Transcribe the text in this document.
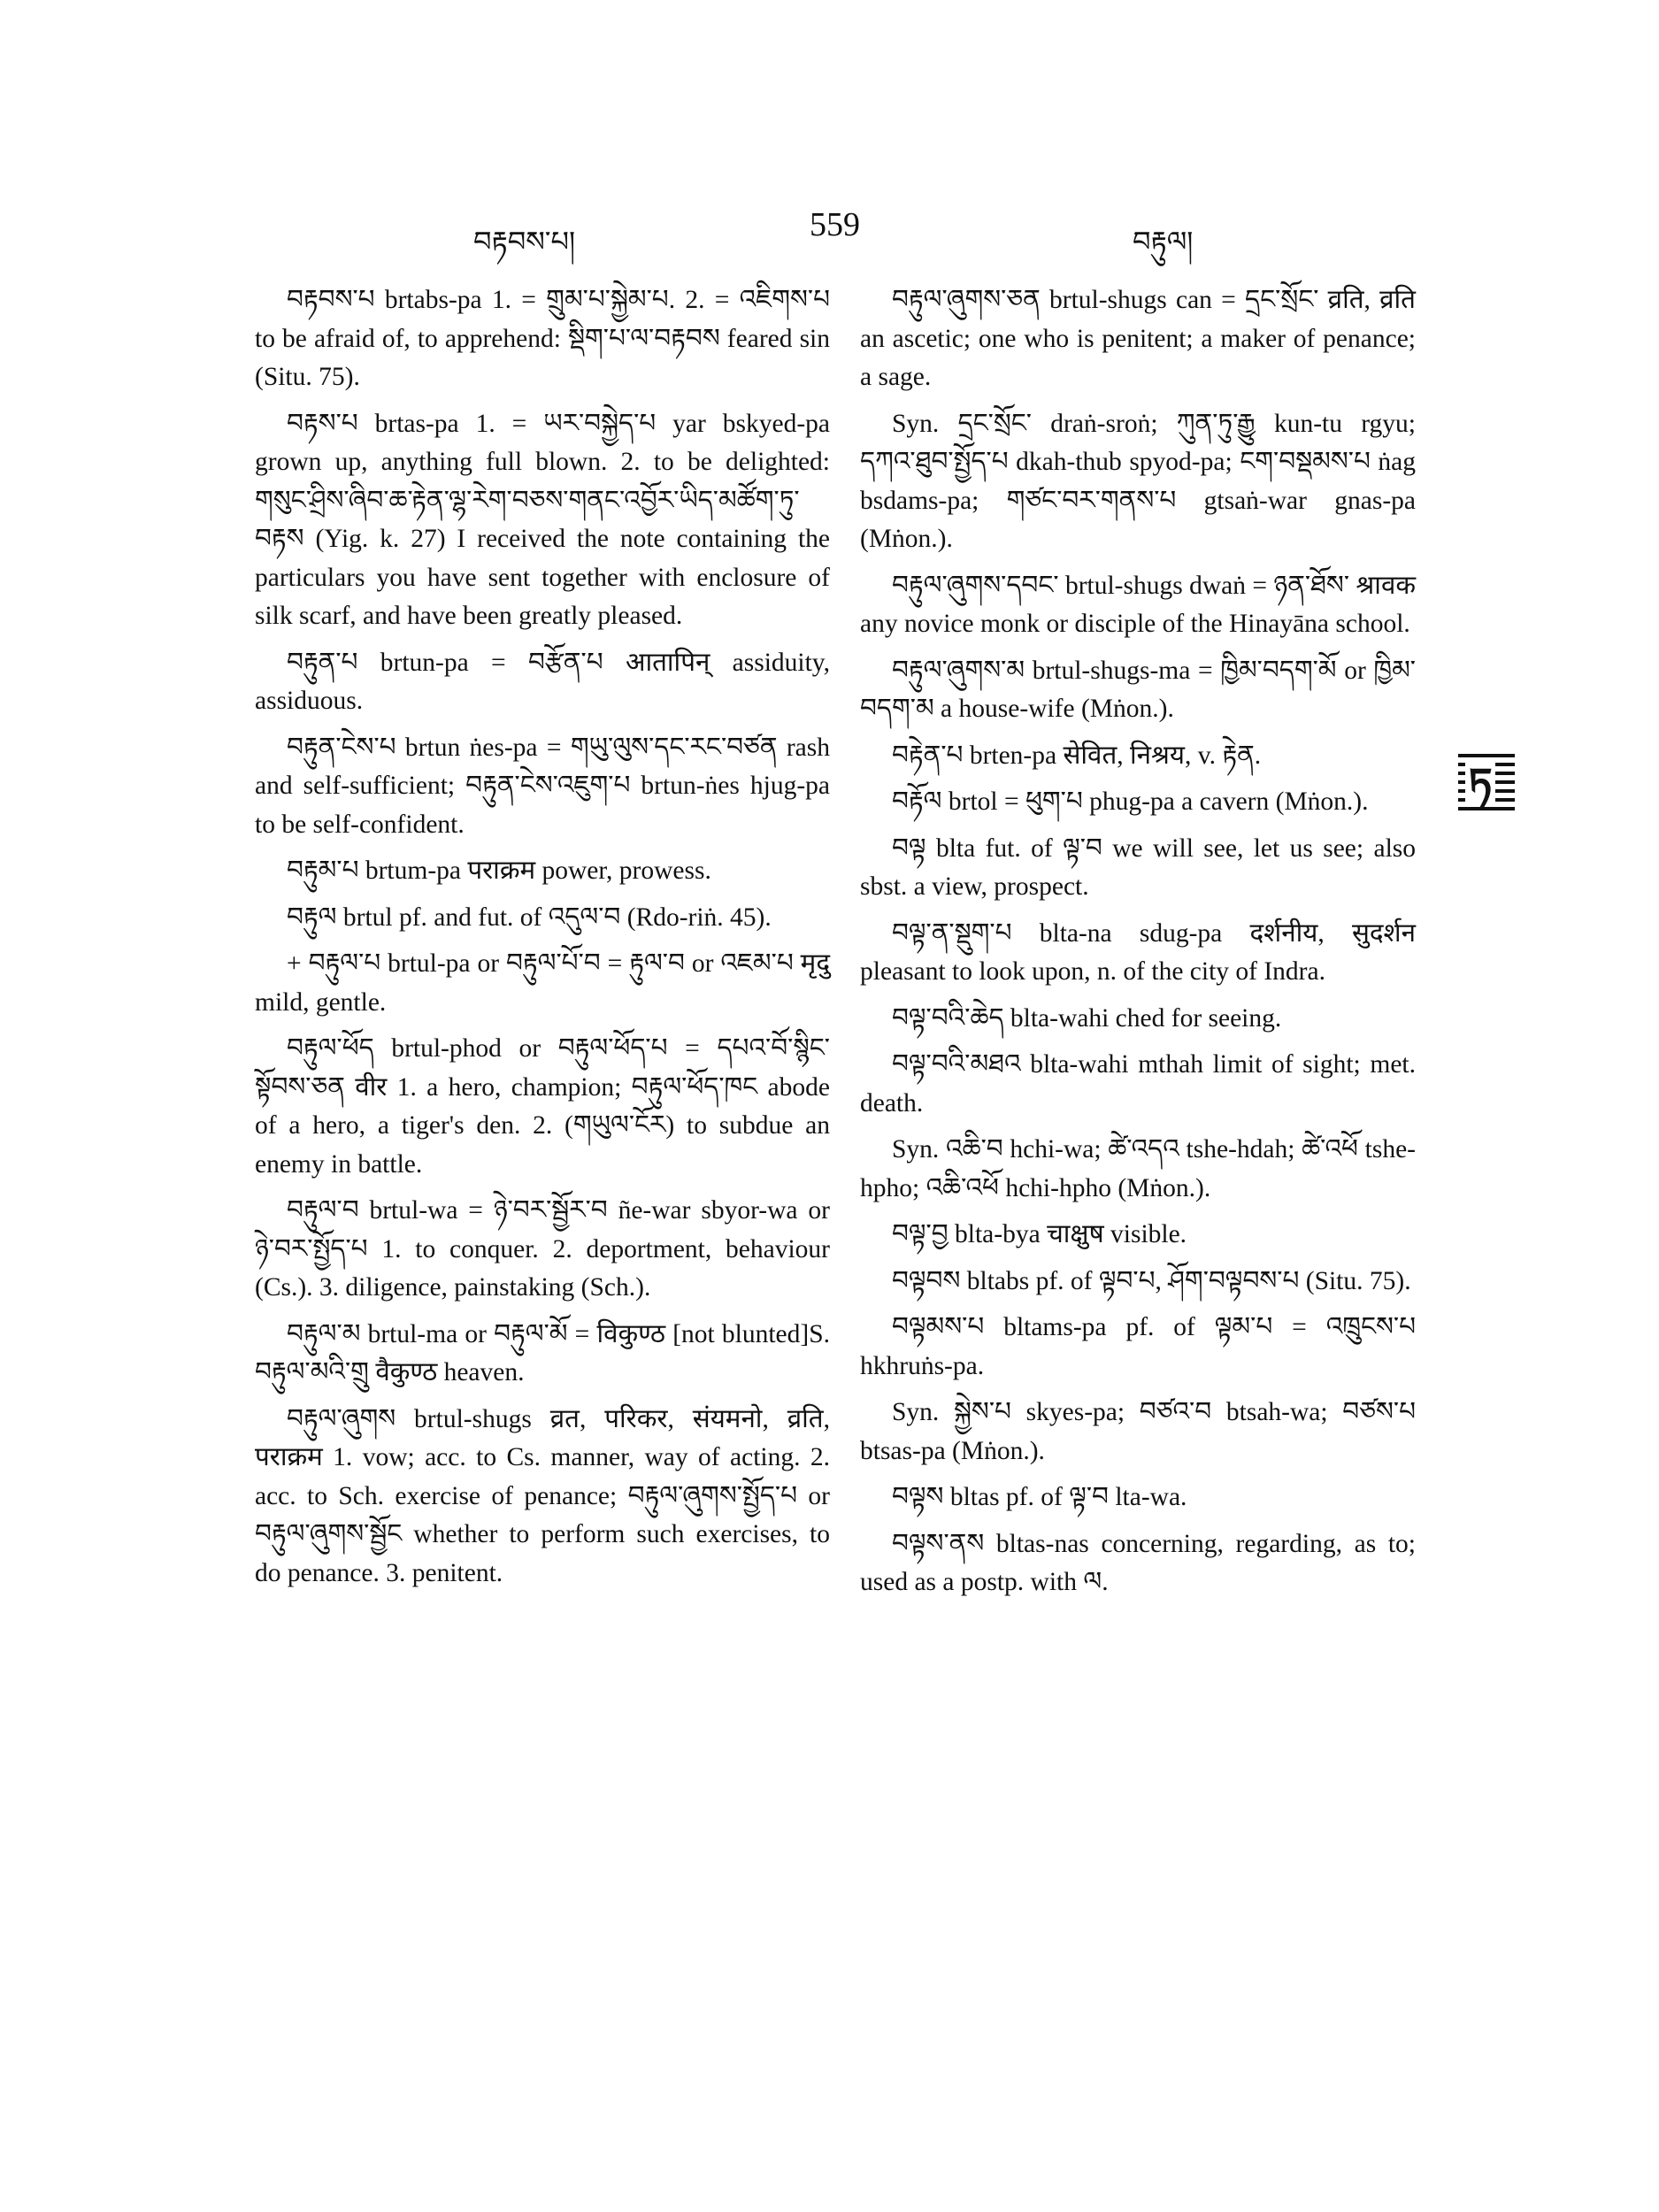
བརྟབས་པ།	559	བརྟུལ།

བརྟབས་པ brtabs-pa 1. = གྲུམ་པ་སྐྱེམ་པ. 2. = འཇིགས་པ to be afraid of, to apprehend: སྡིག་པ་ལ་བརྟབས feared sin (Situ. 75).

བརྟས་པ brtas-pa 1. = ཡར་བསྐྱེད་པ yar bskyed-pa grown up, anything full blown. 2. to be delighted: གསུང་ཤྲིས་ཞིབ་ཆ་རྟེན་ལྷ་རེག་བཅས་གནང་འབྱོར་ཡིད་མཚོག་ཏུ་བརྟས (Yig. k. 27) I received the note containing the particulars you have sent together with enclosure of silk scarf, and have been greatly pleased.

བརྟུན་པ brtun-pa = བརྩོན་པ आतापिन् assiduity, assiduous.

བརྟུན་ངེས་པ brtun ṅes-pa = གཡུ་ལུས་དང་རང་བཙན rash and self-sufficient; བརྟུན་ངེས་འཇུག་པ brtun-ṅes hjug-pa to be self-confident.

བརྟུམ་པ brtum-pa पराक्रम power, prowess.

བརྟུལ brtul pf. and fut. of འདུལ་བ (Rdo-riṅ. 45).

+ བརྟུལ་པ brtul-pa or བརྟུལ་པོ་བ = རྟུལ་བ or འཇམ་པ मृदु mild, gentle.

བརྟུལ་ཕོད brtul-phod or བརྟུལ་ཕོད་པ = དཔའ་བོ་སྙིང་སྟོབས་ཅན वीर 1. a hero, champion; བརྟུལ་ཕོད་ཁང abode of a hero, a tiger's den. 2. (གཡུལ་ངོར) to subdue an enemy in battle.

བརྟུལ་བ brtul-wa = ཉེ་བར་སྦྱོར་བ ñe-war sbyor-wa or ཉེ་བར་སྤྱོད་པ 1. to conquer. 2. deportment, behaviour (Cs.). 3. diligence, painstaking (Sch.).

བརྟུལ་མ brtul-ma or བརྟུལ་མོ = विकुण्ठ [not blunted]S. བརྟུལ་མའི་གྲུ वैकुण्ठ heaven.

བརྟུལ་ཞུགས brtul-shugs व्रत, परिकर, संयमनो, व्रति, पराक्रम 1. vow; acc. to Cs. manner, way of acting. 2. acc. to Sch. exercise of penance; བརྟུལ་ཞུགས་སྤྱོད་པ or བརྟུལ་ཞུགས་སྦྱོང whether to perform such exercises, to do penance. 3. penitent.

བརྟུལ་ཞུགས་ཅན brtul-shugs can = དྲང་སྲོང་ व्रति, व्रति an ascetic; one who is penitent; a maker of penance; a sage.

Syn. དྲང་སྲོང་ draṅ-sroṅ; ཀུན་ཏུ་རྒྱུ kun-tu rgyu; དཀའ་ཐུབ་སྤྱོད་པ dkah-thub spyod-pa; ངག་བསྡམས་པ ṅag bsdams-pa; གཙང་བར་གནས་པ gtsaṅ-war gnas-pa (Mṅon.).

བརྟུལ་ཞུགས་དབང་ brtul-shugs dwaṅ = ཉན་ཐོས་ श्रावक any novice monk or disciple of the Hinayāna school.

བརྟུལ་ཞུགས་མ brtul-shugs-ma = ཁྱིམ་བདག་མོ or ཁྱིམ་བདག་མ a house-wife (Mṅon.).

བརྟེན་པ brten-pa सेवित, निश्रय, v. རྟེན.

བརྟོལ brtol = ཕུག་པ phug-pa a cavern (Mṅon.).

བལྟ blta fut. of ལྟ་བ we will see, let us see; also sbst. a view, prospect.

བལྟ་ན་སྡུག་པ blta-na sdug-pa दर्शनीय, सुदर्शन pleasant to look upon, n. of the city of Indra.

བལྟ་བའི་ཆེད blta-wahi ched for seeing.

བལྟ་བའི་མཐའ blta-wahi mthah limit of sight; met. death.

Syn. འཆི་བ hchi-wa; ཚེ་འདའ tshe-hdah; ཚེ་འཕོ tshe-hpho; འཆི་འཕོ hchi-hpho (Mṅon.).

བལྟ་བྱ blta-bya चाक्षुष visible.

བལྟབས bltabs pf. of ལྟབ་པ, ཤོག་བལྟབས་པ (Situ. 75).

བལྟམས་པ bltams-pa pf. of ལྟམ་པ = འཁྲུངས་པ hkhruṅs-pa.

Syn. སྐྱེས་པ skyes-pa; བཙའ་བ btsah-wa; བཙས་པ btsas-pa (Mṅon.).

བལྟས bltas pf. of ལྟ་བ lta-wa.

བལྟས་ནས bltas-nas concerning, regarding, as to; used as a postp. with ལ.

ཏ
